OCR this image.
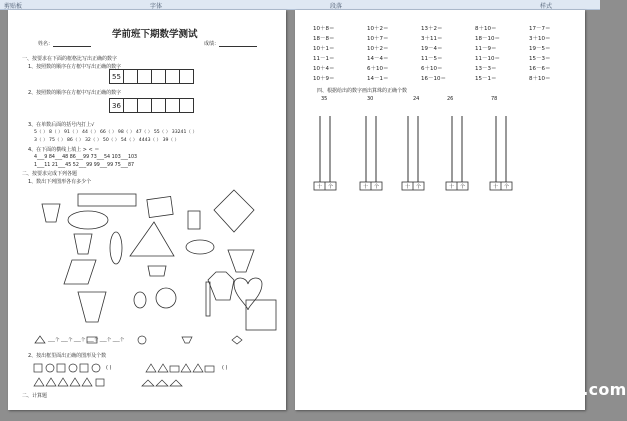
剪贴板	字体	段落	样式
学前班下期数学测试
姓名：	成绩：
一、按要求在下面的框格比写出正确的数字
1、按照数的顺序在方框中写出正确的数字
55
2、按照数的顺序在方框中写出正确的数字
36
3、在单数后面的括号内打上√
5（ ） 8（ ） 91（ ） 44（ ） 66（ ） 98（ ） 47（ ） 55（ ） 33241（ ）
3（ ） 75（ ） 86（ ） 32（ ） 50（ ） 54（ ） 4443（ ） 39（ ）
4、在下面的横线上填上 > < ＝
4___9 84___48 86___99 73___54 103___103
1___11 21___45 52___99 99___99 75___87
二、按要求完成下列各题
1、数出下列图形各有多少个
___个 ___个 ___个 ___个 ___个 ___个
2、按出框里面出正确的图形及个数
( )	( )
二、计算题
10＋8＝	10＋2＝	13＋2＝	8＋10＝	17－7＝
18－8＝	10＋7＝	3＋11＝	18－10＝	3＋10＝
10＋1＝	10＋2＝	19－4＝	11－9＝	19－5＝
11－1＝	14－4＝	11－5＝	11－10＝	15－3＝
10＋4＝	6＋10＝	6＋10＝	13－3＝	16－6＝
10＋9＝	14－1＝	16－10＝	15－1＝	8＋10＝
四、根据给出的数字画出算珠的正确个数
35	30	24	26	78
十 个	十 个	十 个	十 个	十 个
www.baby611.com
